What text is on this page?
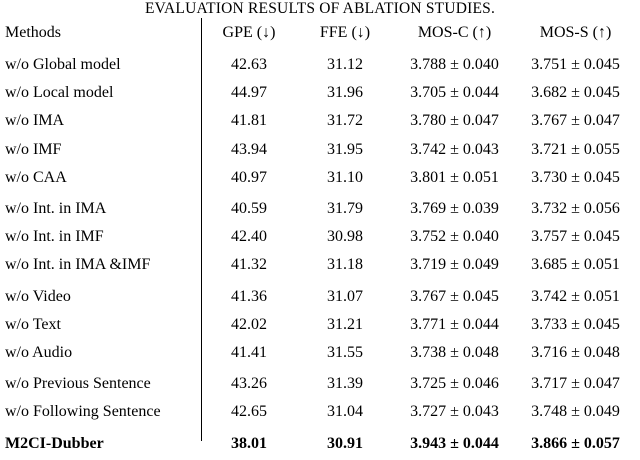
EVALUATION RESULTS OF ABLATION STUDIES.
Methods	GPE (↓)	FFE (↓)	MOS-C (↑)	MOS-S (↑)
w/o Global model	42.63	31.12	3.788 ± 0.040	3.751 ± 0.045
w/o Local model	44.97	31.96	3.705 ± 0.044	3.682 ± 0.045
w/o IMA	41.81	31.72	3.780 ± 0.047	3.767 ± 0.047
w/o IMF	43.94	31.95	3.742 ± 0.043	3.721 ± 0.055
w/o CAA	40.97	31.10	3.801 ± 0.051	3.730 ± 0.045
w/o Int. in IMA	40.59	31.79	3.769 ± 0.039	3.732 ± 0.056
w/o Int. in IMF	42.40	30.98	3.752 ± 0.040	3.757 ± 0.045
w/o Int. in IMA &IMF	41.32	31.18	3.719 ± 0.049	3.685 ± 0.051
w/o Video	41.36	31.07	3.767 ± 0.045	3.742 ± 0.051
w/o Text	42.02	31.21	3.771 ± 0.044	3.733 ± 0.045
w/o Audio	41.41	31.55	3.738 ± 0.048	3.716 ± 0.048
w/o Previous Sentence	43.26	31.39	3.725 ± 0.046	3.717 ± 0.047
w/o Following Sentence	42.65	31.04	3.727 ± 0.043	3.748 ± 0.049
M2CI-Dubber	38.01	30.91	3.943 ± 0.044	3.866 ± 0.057
